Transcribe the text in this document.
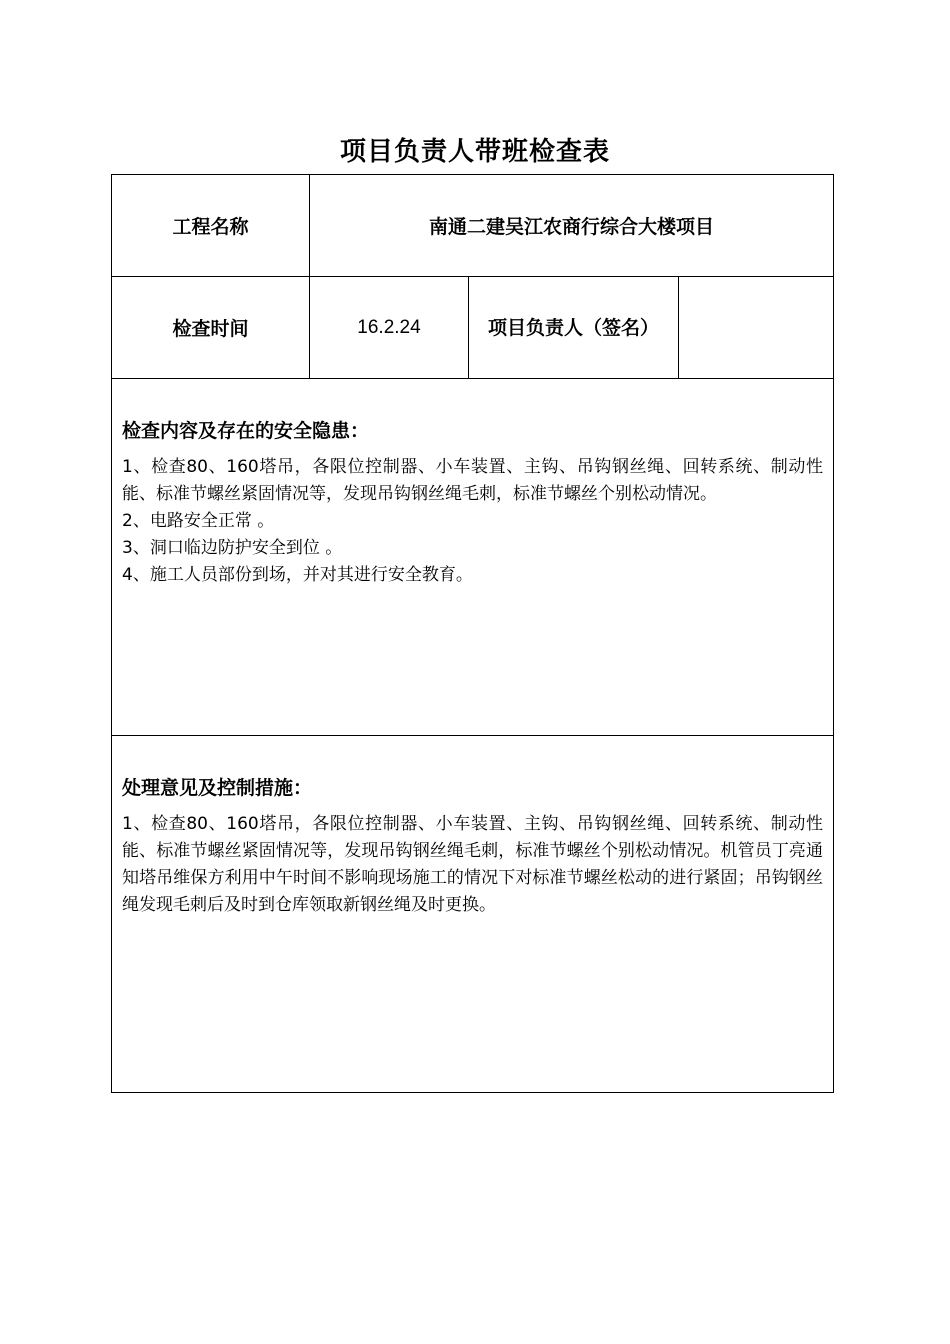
项目负责人带班检查表
工程名称	南通二建吴江农商行综合大楼项目		
检查时间	16.2.24	项目负责人（签名）	

检查内容及存在的安全隐患：

1、检查80、160塔吊，各限位控制器、小车装置、主钩、吊钩钢丝绳、回转系统、制动性能、标准节螺丝紧固情况等，发现吊钩钢丝绳毛刺，标准节螺丝个别松动情况。

2、电路安全正常 。

3、洞口临边防护安全到位 。

4、施工人员部份到场，并对其进行安全教育。			

处理意见及控制措施：

1、检查80、160塔吊，各限位控制器、小车装置、主钩、吊钩钢丝绳、回转系统、制动性能、标准节螺丝紧固情况等，发现吊钩钢丝绳毛刺，标准节螺丝个别松动情况。机管员丁亮通知塔吊维保方利用中午时间不影响现场施工的情况下对标准节螺丝松动的进行紧固；吊钩钢丝绳发现毛刺后及时到仓库领取新钢丝绳及时更换。			
